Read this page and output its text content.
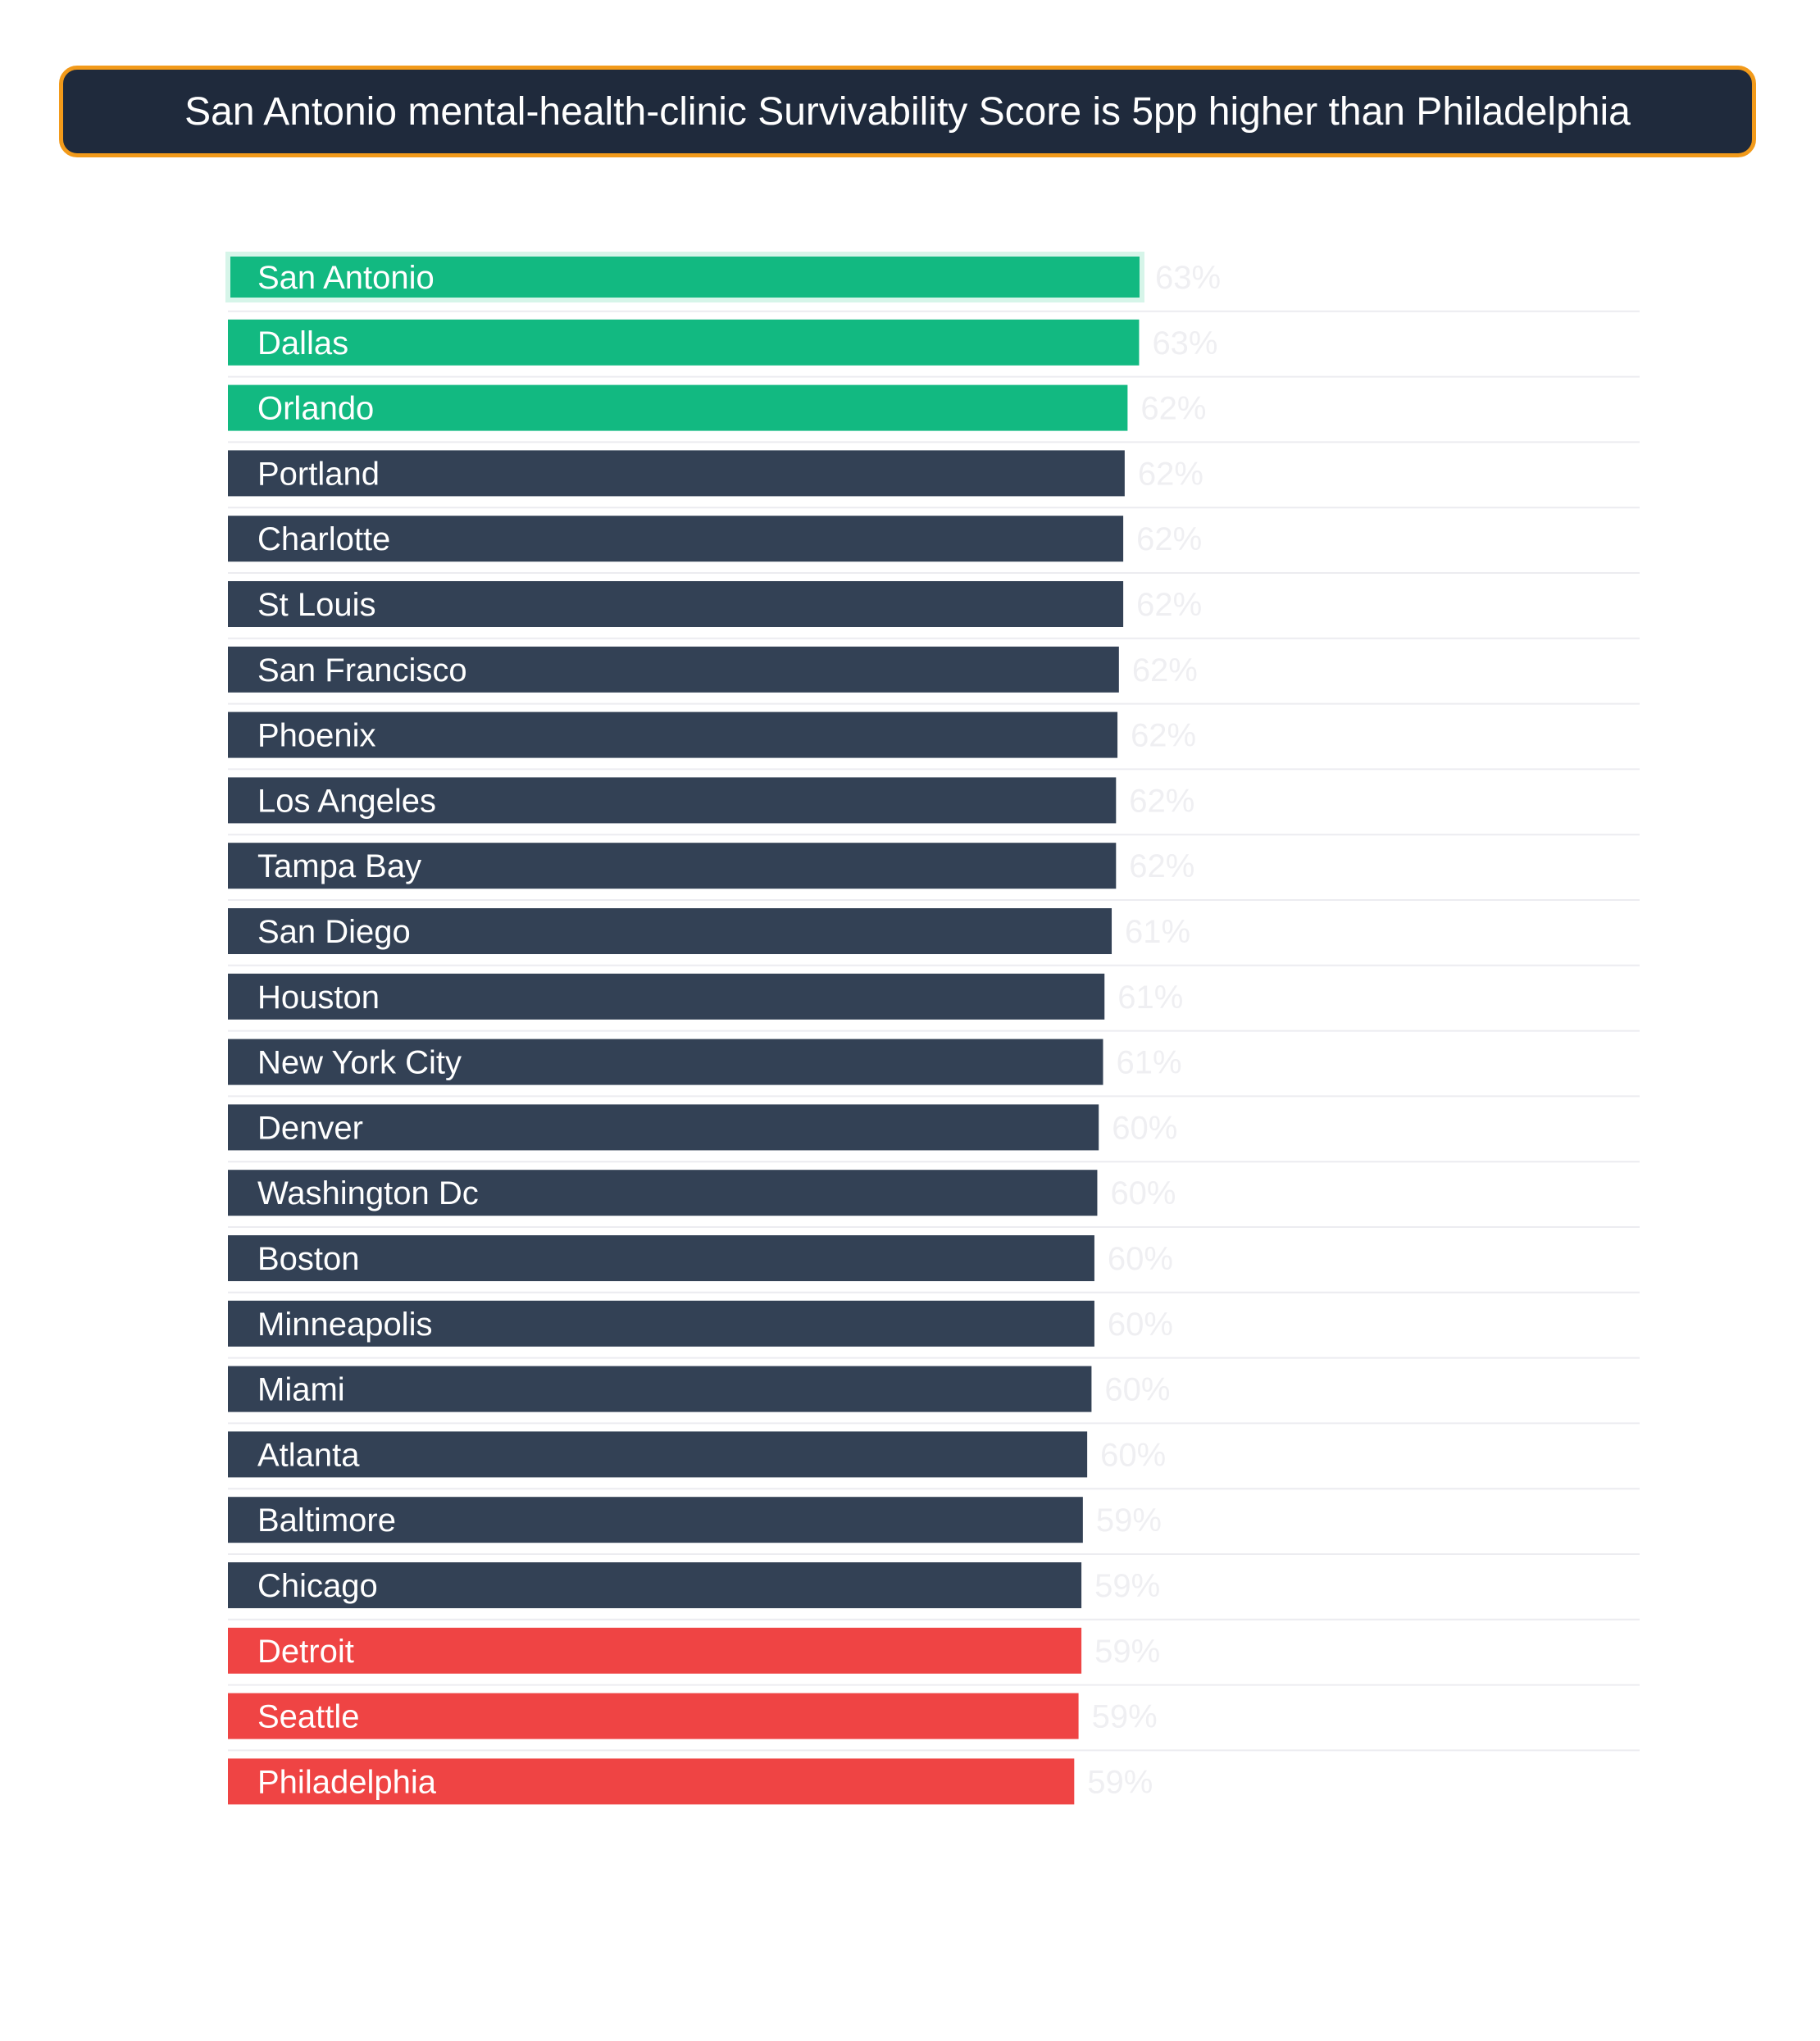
San Antonio mental-health-clinic Survivability Score is 5pp higher than Philadelphia
San Antonio	63%
Dallas	63%
Orlando	62%
Portland	62%
Charlotte	62%
St Louis	62%
San Francisco	62%
Phoenix	62%
Los Angeles	62%
Tampa Bay	62%
San Diego	61%
Houston	61%
New York City	61%
Denver	60%
Washington Dc	60%
Boston	60%
Minneapolis	60%
Miami	60%
Atlanta	60%
Baltimore	59%
Chicago	59%
Detroit	59%
Seattle	59%
Philadelphia	59%
